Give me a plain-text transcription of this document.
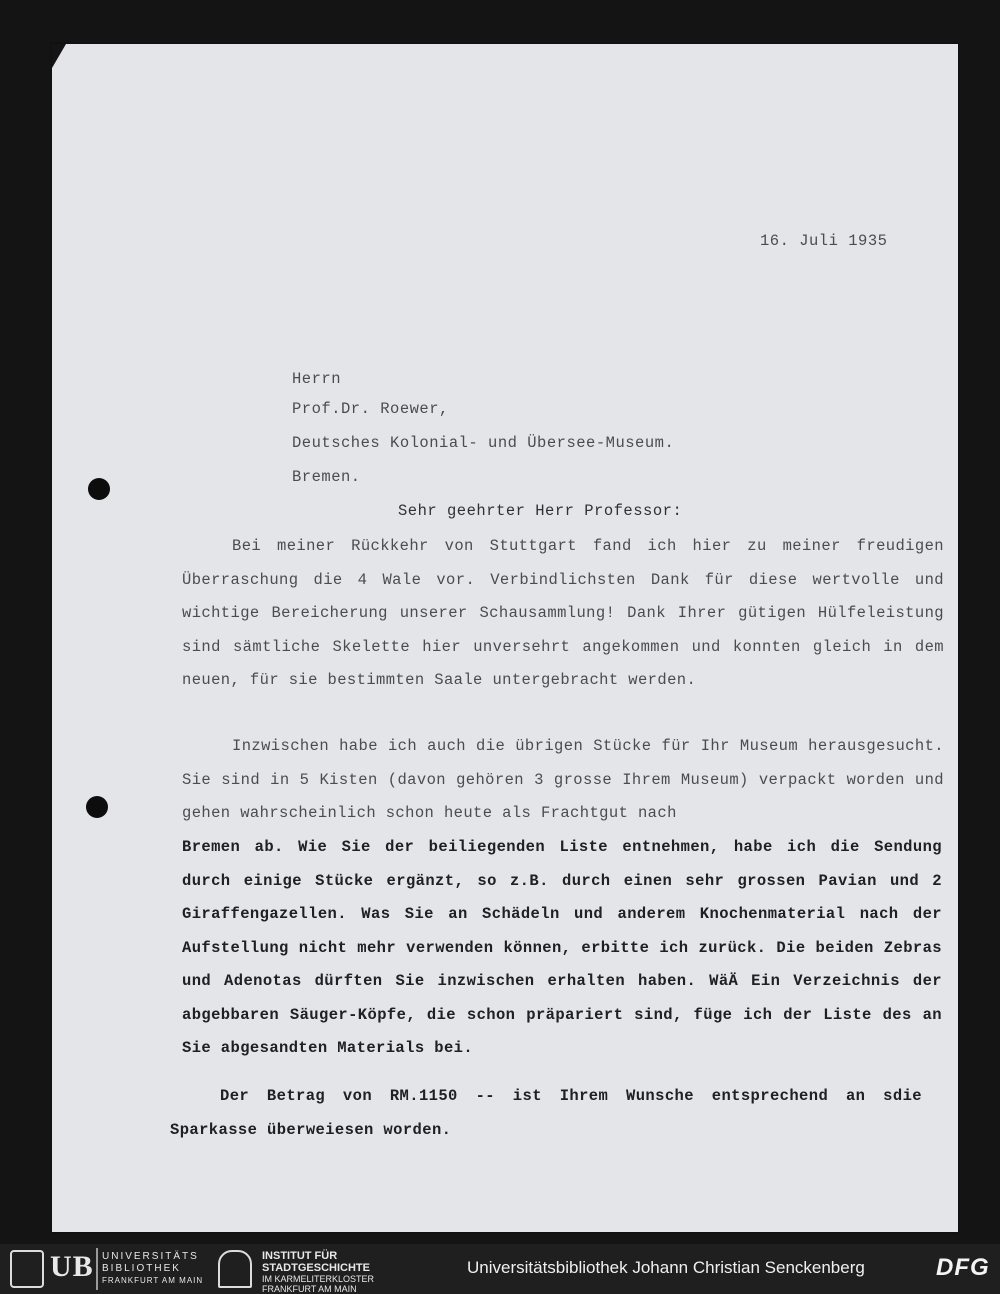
16. Juli 1935
Herrn
Prof.Dr. Roewer,
Deutsches Kolonial- und Übersee-Museum.
Bremen.
Sehr geehrter Herr Professor:
Bei meiner Rückkehr von Stuttgart fand ich hier zu meiner freudigen Überraschung die 4 Wale vor. Verbindlichsten Dank für diese wertvolle und wichtige Bereicherung unserer Schausammlung! Dank Ihrer gütigen Hülfeleistung sind sämtliche Skelette hier unversehrt angekommen und konnten gleich in dem neuen, für sie bestimmten Saale untergebracht werden.
Inzwischen habe ich auch die übrigen Stücke für Ihr Museum herausgesucht. Sie sind in 5 Kisten (davon gehören 3 grosse Ihrem Museum) verpackt worden und gehen wahrscheinlich schon heute als Frachtgut nach
Bremen ab. Wie Sie der beiliegenden Liste entnehmen, habe ich die Sendung durch einige Stücke ergänzt, so z.B. durch einen sehr grossen Pavian und 2 Giraffengazellen. Was Sie an Schädeln und anderem Knochenmaterial nach der Aufstellung nicht mehr verwenden können, erbitte ich zurück. Die beiden Zebras und Adenotas dürften Sie inzwischen erhalten haben. WäÄ Ein Verzeichnis der abgebbaren Säuger-Köpfe, die schon präpariert sind, füge ich der Liste des an Sie abgesandten Materials bei.
Der Betrag von RM.1150 -- ist Ihrem Wunsche entsprechend an sdie Sparkasse überweiesen worden.
UB UNIVERSITÄTS
BIBLIOTHEK
FRANKFURT AM MAIN
INSTITUT FÜR
STADTGESCHICHTE
IM KARMELITERKLOSTER
FRANKFURT AM MAIN
Universitätsbibliothek Johann Christian Senckenberg	DFG
